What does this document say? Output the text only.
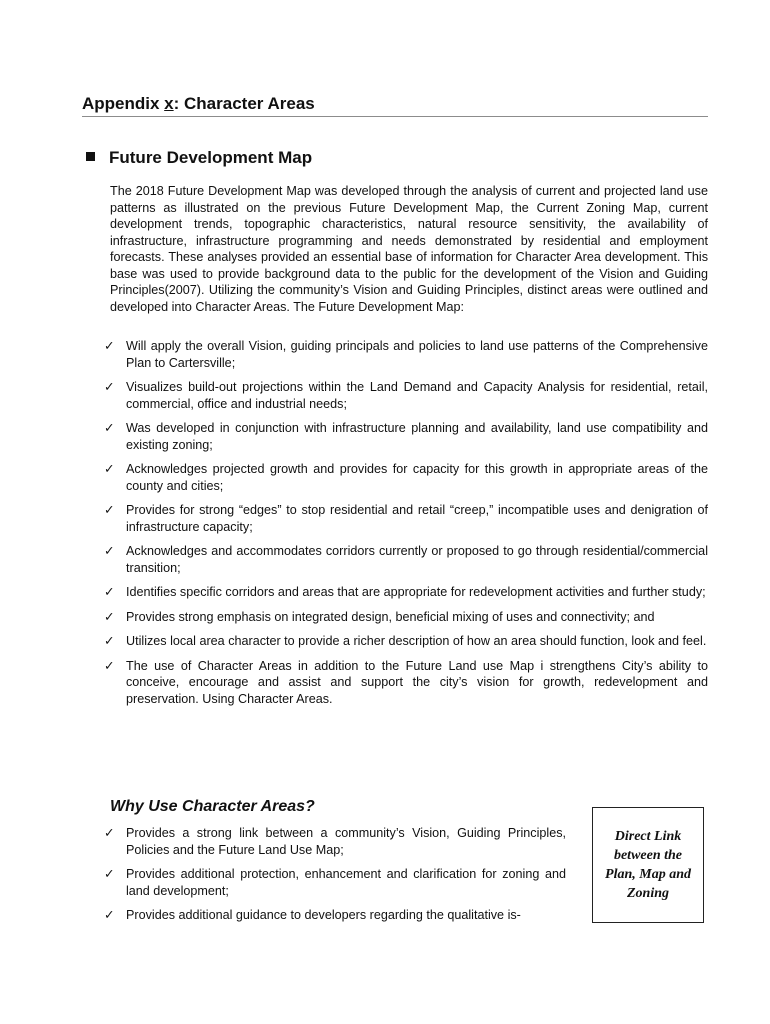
Appendix x: Character Areas
Future Development Map

The 2018 Future Development Map was developed through the analysis of current and projected land use patterns as illustrated on the previous Future Development Map, the Current Zoning Map, current development trends, topographic characteristics, natural resource sensitivity, the availability of infrastructure, infrastructure programming and needs demonstrated by residential and employment forecasts. These analyses provided an essential base of information for Character Area development. This base was used to provide background data to the public for the development of the Vision and Guiding Principles(2007). Utilizing the community’s Vision and Guiding Principles, distinct areas were outlined and developed into Character Areas. The Future Development Map:

✓ Will apply the overall Vision, guiding principals and policies to land use patterns of the Comprehensive Plan to Cartersville;
✓ Visualizes build-out projections within the Land Demand and Capacity Analysis for residential, retail, commercial, office and industrial needs;
✓ Was developed in conjunction with infrastructure planning and availability, land use compatibility and existing zoning;
✓ Acknowledges projected growth and provides for capacity for this growth in appropriate areas of the county and cities;
✓ Provides for strong “edges” to stop residential and retail “creep,” incompatible uses and denigration of infrastructure capacity;
✓ Acknowledges and accommodates corridors currently or proposed to go through residential/commercial transition;
✓ Identifies specific corridors and areas that are appropriate for redevelopment activities and further study;
✓ Provides strong emphasis on integrated design, beneficial mixing of uses and connectivity; and
✓ Utilizes local area character to provide a richer description of how an area should function, look and feel.
✓ The use of Character Areas in addition to the Future Land use Map i strengthens City’s ability to conceive, encourage and assist and support the city’s vision for growth, redevelopment and preservation. Using Character Areas.
Why Use Character Areas?
✓ Provides a strong link between a community’s Vision, Guiding Principles, Policies and the Future Land Use Map;
✓ Provides additional protection, enhancement and clarification for zoning and land development;
✓ Provides additional guidance to developers regarding the qualitative is-
Direct Link
between the
Plan, Map and
Zoning
